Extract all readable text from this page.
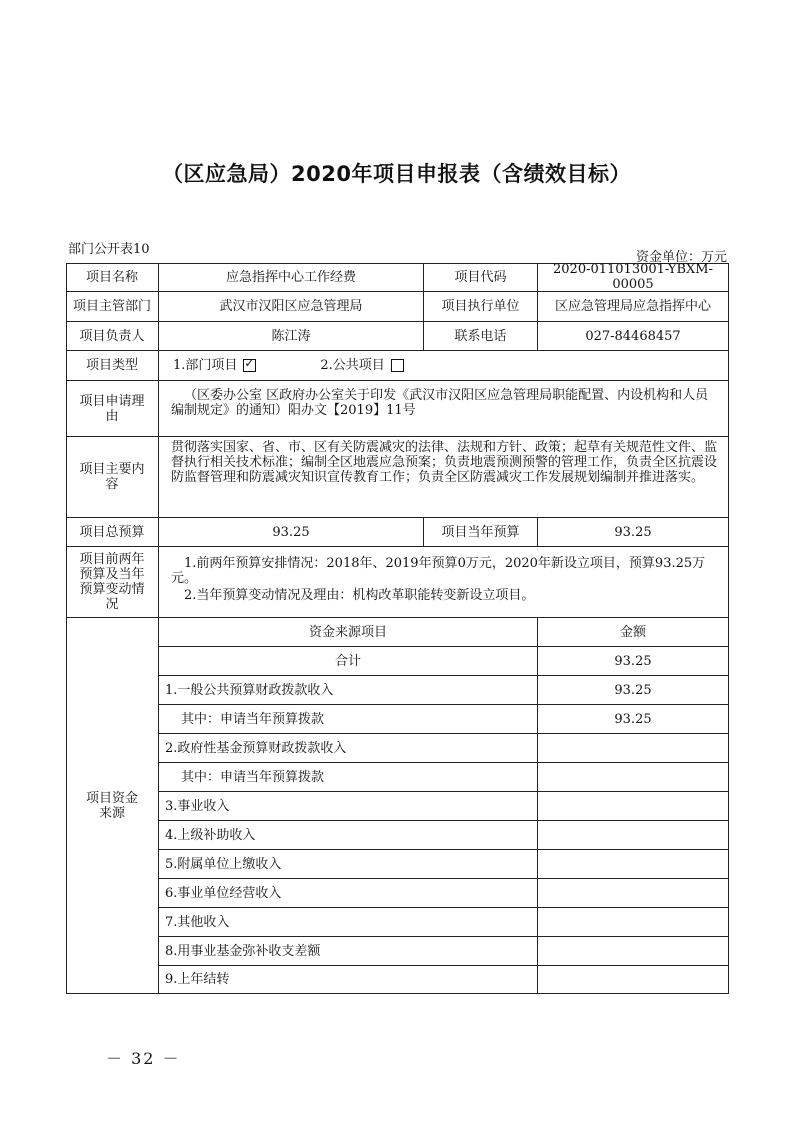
（区应急局）2020年项目申报表（含绩效目标）
部门公开表10
资金单位：万元
项目名称	应急指挥中心工作经费	项目代码	2020-011013001-YBXM-00005
项目主管部门	武汉市汉阳区应急管理局	项目执行单位	区应急管理局应急指挥中心
项目负责人	陈江涛	联系电话	027-84468457
项目类型	1.部门项目
✓	2.公共项目
项目申请理由

（区委办公室 区政府办公室关于印发《武汉市汉阳区应急管理局职能配置、内设机构和人员编制规定》的通知）阳办文【2019】11号

项目主要内容

贯彻落实国家、省、市、区有关防震减灾的法律、法规和方针、政策；起草有关规范性文件、监督执行相关技术标准；编制全区地震应急预案；负责地震预测预警的管理工作，负责全区抗震设防监督管理和防震减灾知识宣传教育工作；负责全区防震减灾工作发展规划编制并推进落实。

项目总预算	93.25	项目当年预算	93.25
项目前两年预算及当年预算变动情况

1.前两年预算安排情况：2018年、2019年预算0万元，2020年新设立项目，预算93.25万元。

2.当年预算变动情况及理由：机构改革职能转变新设立项目。

项目资金来源
资金来源项目	金额
合计	93.25
1.一般公共预算财政拨款收入	93.25
其中：申请当年预算拨款	93.25
2.政府性基金预算财政拨款收入
其中：申请当年预算拨款
3.事业收入
4.上级补助收入
5.附属单位上缴收入
6.事业单位经营收入
7.其他收入
8.用事业基金弥补收支差额
9.上年结转
－ 32 －
